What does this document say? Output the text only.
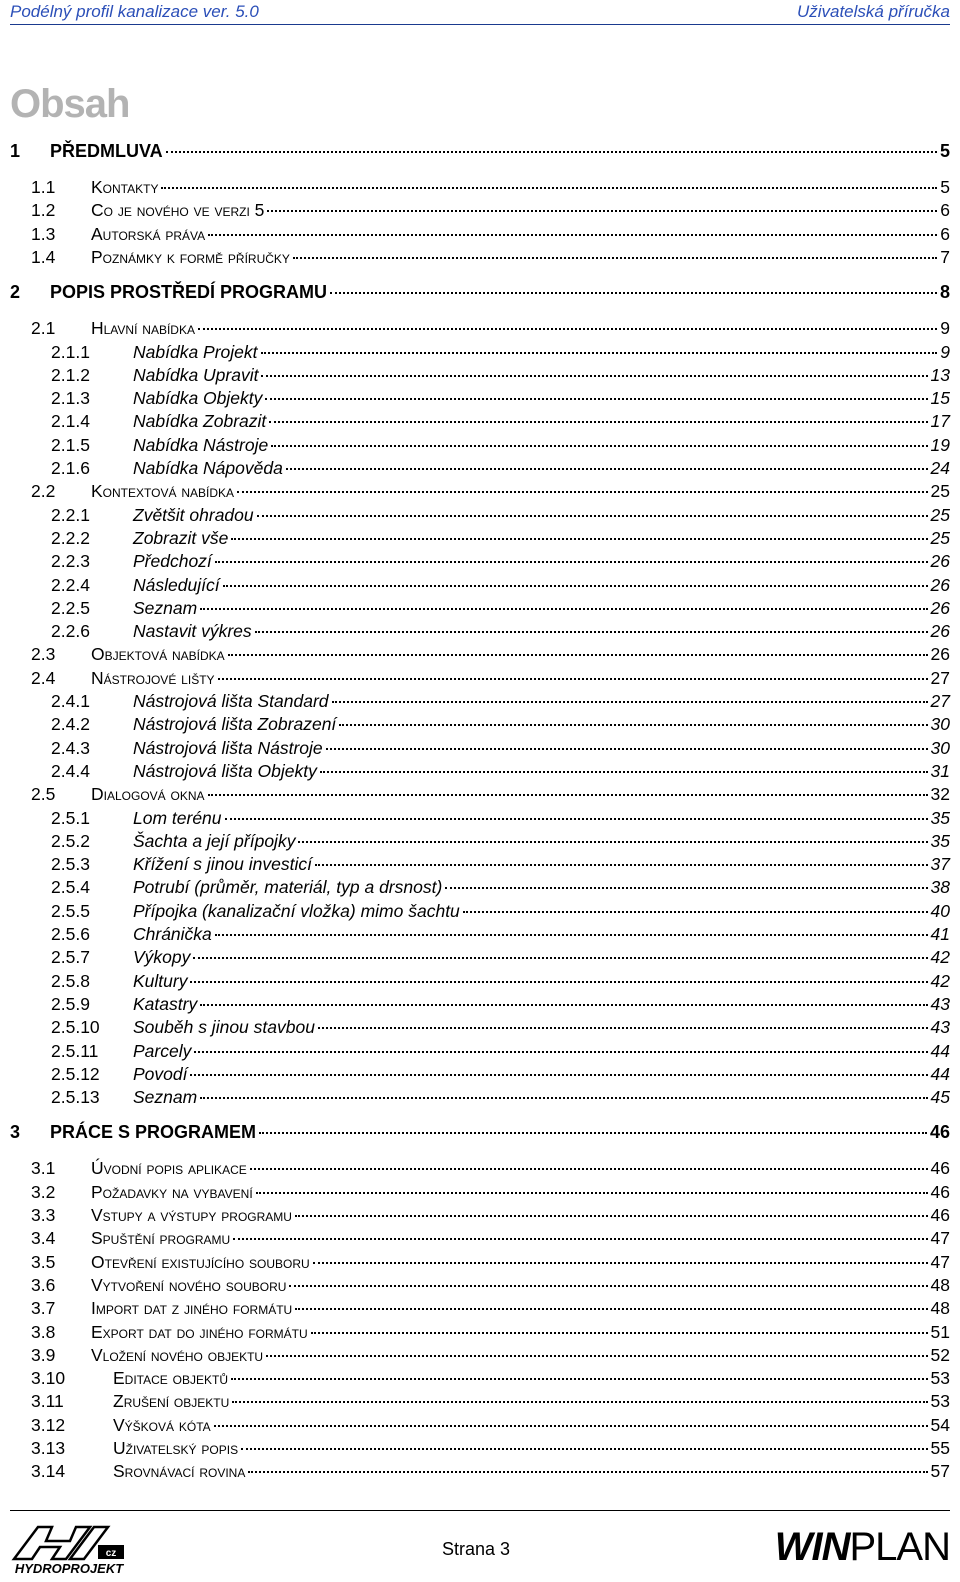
Podélný profil kanalizace ver. 5.0	Uživatelská příručka
Obsah
1	PŘEDMLUVA	5
1.1	Kontakty	5
1.2	Co je nového ve verzi 5	6
1.3	Autorská práva	6
1.4	Poznámky k formě příručky	7
2	POPIS PROSTŘEDÍ PROGRAMU	8
2.1	Hlavní nabídka	9
2.1.1	Nabídka Projekt	9
2.1.2	Nabídka Upravit	13
2.1.3	Nabídka Objekty	15
2.1.4	Nabídka Zobrazit	17
2.1.5	Nabídka Nástroje	19
2.1.6	Nabídka Nápověda	24
2.2	Kontextová nabídka	25
2.2.1	Zvětšit ohradou	25
2.2.2	Zobrazit vše	25
2.2.3	Předchozí	26
2.2.4	Následující	26
2.2.5	Seznam	26
2.2.6	Nastavit výkres	26
2.3	Objektová nabídka	26
2.4	Nástrojové lišty	27
2.4.1	Nástrojová lišta Standard	27
2.4.2	Nástrojová lišta Zobrazení	30
2.4.3	Nástrojová lišta Nástroje	30
2.4.4	Nástrojová lišta Objekty	31
2.5	Dialogová okna	32
2.5.1	Lom terénu	35
2.5.2	Šachta a její přípojky	35
2.5.3	Křížení s jinou investicí	37
2.5.4	Potrubí (průměr, materiál, typ a drsnost)	38
2.5.5	Přípojka (kanalizační vložka) mimo šachtu	40
2.5.6	Chránička	41
2.5.7	Výkopy	42
2.5.8	Kultury	42
2.5.9	Katastry	43
2.5.10	Souběh s jinou stavbou	43
2.5.11	Parcely	44
2.5.12	Povodí	44
2.5.13	Seznam	45
3	PRÁCE S PROGRAMEM	46
3.1	Úvodní popis aplikace	46
3.2	Požadavky na vybavení	46
3.3	Vstupy a výstupy programu	46
3.4	Spuštění programu	47
3.5	Otevření existujícího souboru	47
3.6	Vytvoření nového souboru	48
3.7	Import dat z jiného formátu	48
3.8	Export dat do jiného formátu	51
3.9	Vložení nového objektu	52
3.10	Editace objektů	53
3.11	Zrušení objektu	53
3.12	Výšková kóta	54
3.13	Uživatelský popis	55
3.14	Srovnávací rovina	57
cz
HYDROPROJEKT
Strana 3	WINPLAN
